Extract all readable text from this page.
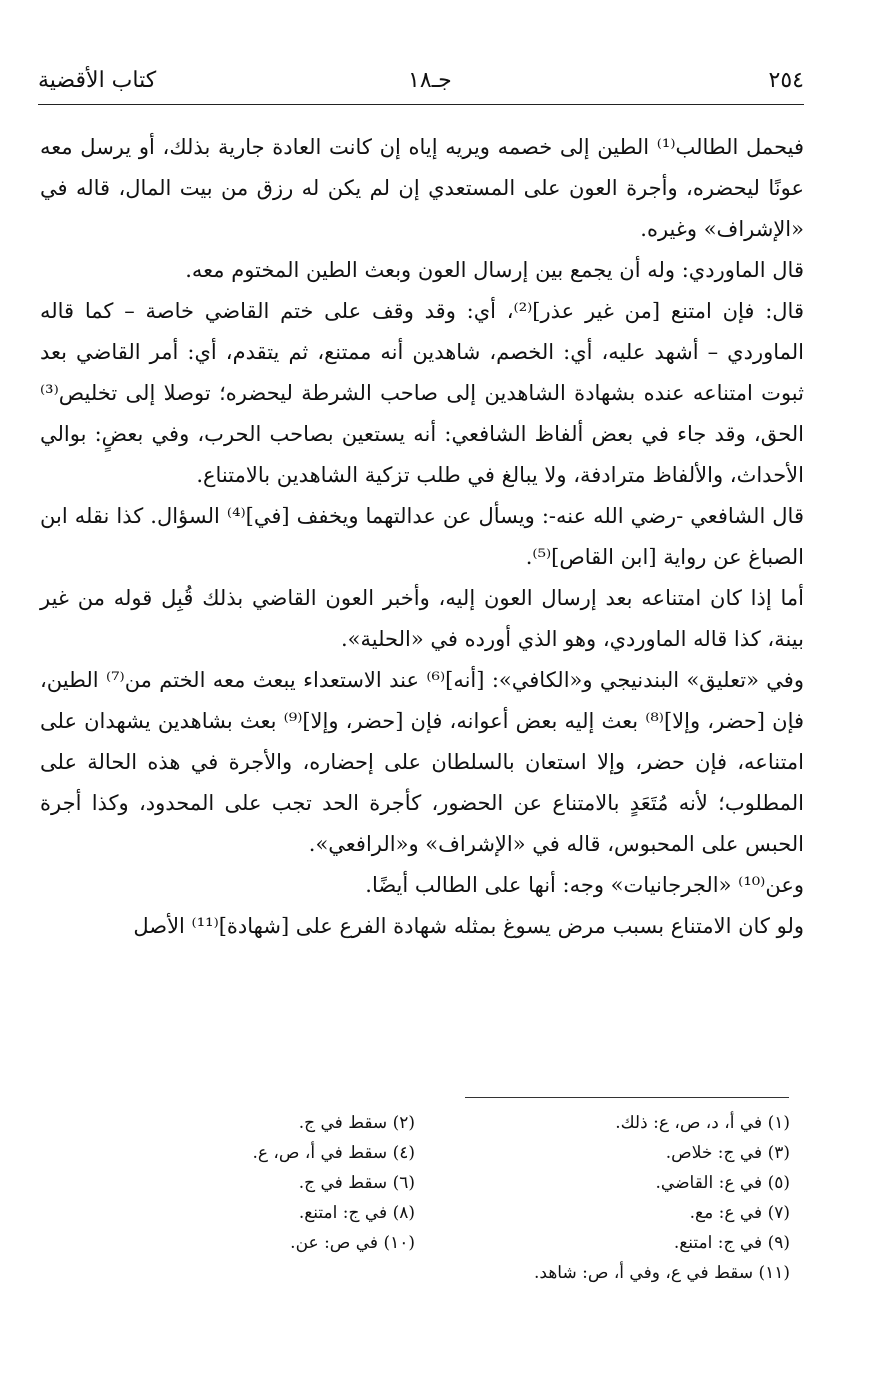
٢٥٤
جـ١٨
كتاب الأقضية

فيحمل الطالب⁽¹⁾ الطين إلى خصمه ويريه إياه إن كانت العادة جارية بذلك، أو يرسل معه عونًا ليحضره، وأجرة العون على المستعدي إن لم يكن له رزق من بيت المال، قاله في «الإشراف» وغيره.

قال الماوردي: وله أن يجمع بين إرسال العون وبعث الطين المختوم معه.

قال: فإن امتنع [من غير عذر]⁽²⁾، أي: وقد وقف على ختم القاضي خاصة – كما قاله الماوردي – أشهد عليه، أي: الخصم، شاهدين أنه ممتنع، ثم يتقدم، أي: أمر القاضي بعد ثبوت امتناعه عنده بشهادة الشاهدين إلى صاحب الشرطة ليحضره؛ توصلا إلى تخليص⁽³⁾ الحق، وقد جاء في بعض ألفاظ الشافعي: أنه يستعين بصاحب الحرب، وفي بعضٍ: بوالي الأحداث، والألفاظ مترادفة، ولا يبالغ في طلب تزكية الشاهدين بالامتناع.

قال الشافعي -رضي الله عنه-: ويسأل عن عدالتهما ويخفف [في]⁽⁴⁾ السؤال. كذا نقله ابن الصباغ عن رواية [ابن القاص]⁽⁵⁾.

أما إذا كان امتناعه بعد إرسال العون إليه، وأخبر العون القاضي بذلك قُبِل قوله من غير بينة، كذا قاله الماوردي، وهو الذي أورده في «الحلية».

وفي «تعليق» البندنيجي و«الكافي»: [أنه]⁽⁶⁾ عند الاستعداء يبعث معه الختم من⁽⁷⁾ الطين، فإن [حضر، وإلا]⁽⁸⁾ بعث إليه بعض أعوانه، فإن [حضر، وإلا]⁽⁹⁾ بعث بشاهدين يشهدان على امتناعه، فإن حضر، وإلا استعان بالسلطان على إحضاره، والأجرة في هذه الحالة على المطلوب؛ لأنه مُتَعَدٍ بالامتناع عن الحضور، كأجرة الحد تجب على المحدود، وكذا أجرة الحبس على المحبوس، قاله في «الإشراف» و«الرافعي».

وعن⁽¹⁰⁾ «الجرجانيات» وجه: أنها على الطالب أيضًا.

ولو كان الامتناع بسبب مرض يسوغ بمثله شهادة الفرع على [شهادة]⁽¹¹⁾ الأصل

(١) في أ، د، ص، ع: ذلك.
(٢) سقط في ج.
(٣) في ج: خلاص.
(٤) سقط في أ، ص، ع.
(٥) في ع: القاضي.
(٦) سقط في ج.
(٧) في ع: مع.
(٨) في ج: امتنع.
(٩) في ج: امتنع.
(١٠) في ص: عن.
(١١) سقط في ع، وفي أ، ص: شاهد.
